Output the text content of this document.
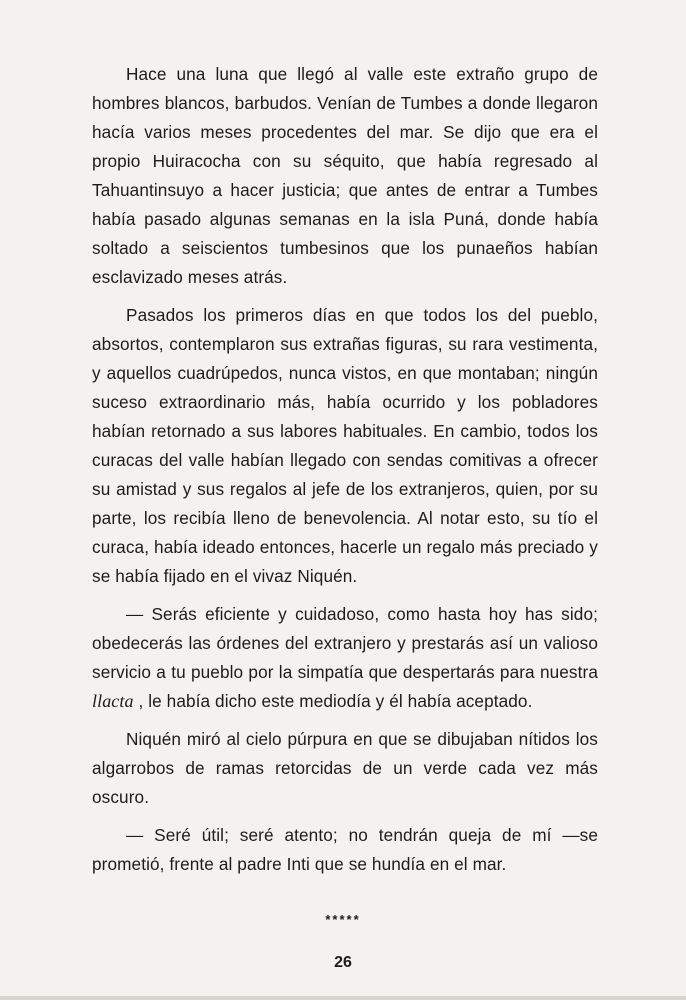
Hace una luna que llegó al valle este extraño grupo de hombres blancos, barbudos. Venían de Tumbes a donde llegaron hacía varios meses procedentes del mar. Se dijo que era el propio Huiracocha con su séquito, que había regresado al Tahuantinsuyo a hacer justicia; que antes de entrar a Tumbes había pasado algunas semanas en la isla Puná, donde había soltado a seiscientos tumbesinos que los punaeños habían esclavizado meses atrás.

Pasados los primeros días en que todos los del pueblo, absortos, contemplaron sus extrañas figuras, su rara vestimenta, y aquellos cuadrúpedos, nunca vistos, en que montaban; ningún suceso extraordinario más, había ocurrido y los pobladores habían retornado a sus labores habituales. En cambio, todos los curacas del valle habían llegado con sendas comitivas a ofrecer su amistad y sus regalos al jefe de los extranjeros, quien, por su parte, los recibía lleno de benevolencia. Al notar esto, su tío el curaca, había ideado entonces, hacerle un regalo más preciado y se había fijado en el vivaz Niquén.

— Serás eficiente y cuidadoso, como hasta hoy has sido; obedecerás las órdenes del extranjero y prestarás así un valioso servicio a tu pueblo por la simpatía que despertarás para nuestra llacta , le había dicho este mediodía y él había aceptado.

Niquén miró al cielo púrpura en que se dibujaban nítidos los algarrobos de ramas retorcidas de un verde cada vez más oscuro.

— Seré útil; seré atento; no tendrán queja de mí —se prometió, frente al padre Inti que se hundía en el mar.

*****
26
